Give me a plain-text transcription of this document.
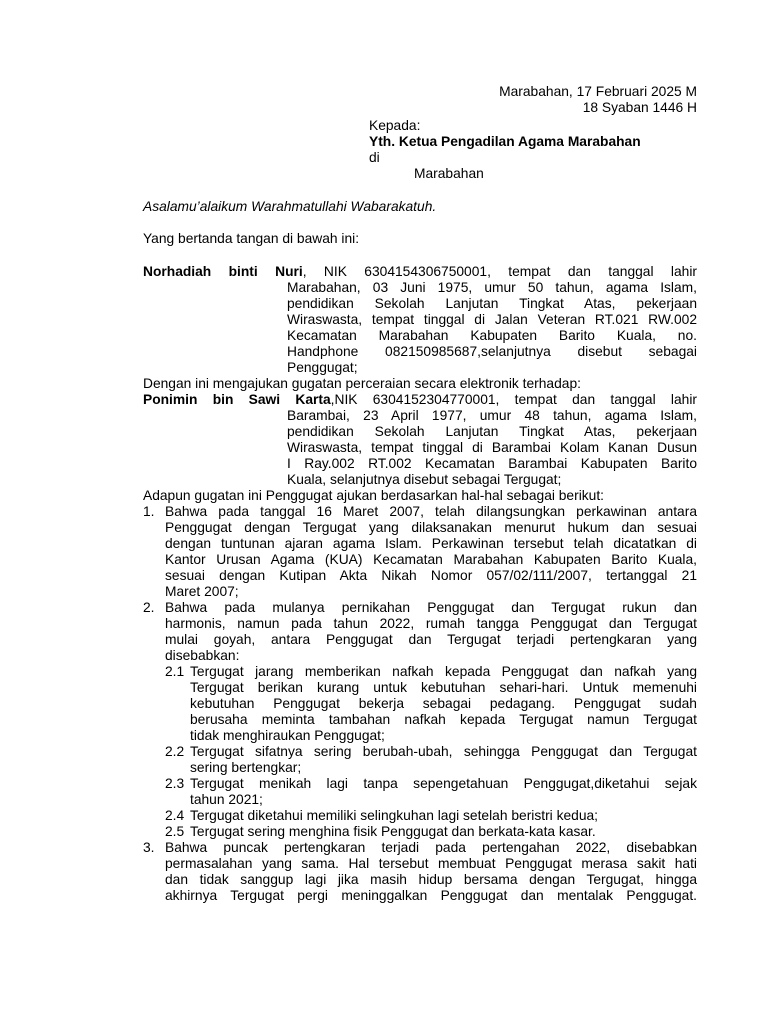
Marabahan, 17 Februari 2025 M
18 Syaban 1446 H
Kepada:
Yth. Ketua Pengadilan Agama Marabahan
di
Marabahan
Asalamu’alaikum Warahmatullahi Wabarakatuh.
Yang bertanda tangan di bawah ini:
Norhadiah binti Nuri, NIK 6304154306750001, tempat dan tanggal lahir
Marabahan, 03 Juni 1975, umur 50 tahun, agama Islam,
pendidikan Sekolah Lanjutan Tingkat Atas, pekerjaan
Wiraswasta, tempat tinggal di Jalan Veteran RT.021 RW.002
Kecamatan Marabahan Kabupaten Barito Kuala, no.
Handphone 082150985687,selanjutnya disebut sebagai
Penggugat;
Dengan ini mengajukan gugatan perceraian secara elektronik terhadap:
Ponimin bin Sawi Karta,NIK 6304152304770001, tempat dan tanggal lahir
Barambai, 23 April 1977, umur 48 tahun, agama Islam,
pendidikan Sekolah Lanjutan Tingkat Atas, pekerjaan
Wiraswasta, tempat tinggal di Barambai Kolam Kanan Dusun
I Ray.002 RT.002 Kecamatan Barambai Kabupaten Barito
Kuala, selanjutnya disebut sebagai Tergugat;
Adapun gugatan ini Penggugat ajukan berdasarkan hal-hal sebagai berikut:
1. Bahwa pada tanggal 16 Maret 2007, telah dilangsungkan perkawinan antara
Penggugat dengan Tergugat yang dilaksanakan menurut hukum dan sesuai
dengan tuntunan ajaran agama Islam. Perkawinan tersebut telah dicatatkan di
Kantor Urusan Agama (KUA) Kecamatan Marabahan Kabupaten Barito Kuala,
sesuai dengan Kutipan Akta Nikah Nomor 057/02/111/2007, tertanggal 21
Maret 2007;
2. Bahwa pada mulanya pernikahan Penggugat dan Tergugat rukun dan
harmonis, namun pada tahun 2022, rumah tangga Penggugat dan Tergugat
mulai goyah, antara Penggugat dan Tergugat terjadi pertengkaran yang
disebabkan:
2.1 Tergugat jarang memberikan nafkah kepada Penggugat dan nafkah yang
Tergugat berikan kurang untuk kebutuhan sehari-hari. Untuk memenuhi
kebutuhan Penggugat bekerja sebagai pedagang. Penggugat sudah
berusaha meminta tambahan nafkah kepada Tergugat namun Tergugat
tidak menghiraukan Penggugat;
2.2 Tergugat sifatnya sering berubah-ubah, sehingga Penggugat dan Tergugat
sering bertengkar;
2.3 Tergugat menikah lagi tanpa sepengetahuan Penggugat,diketahui sejak
tahun 2021;
2.4 Tergugat diketahui memiliki selingkuhan lagi setelah beristri kedua;
2.5 Tergugat sering menghina fisik Penggugat dan berkata-kata kasar.
3. Bahwa puncak pertengkaran terjadi pada pertengahan 2022, disebabkan
permasalahan yang sama. Hal tersebut membuat Penggugat merasa sakit hati
dan tidak sanggup lagi jika masih hidup bersama dengan Tergugat, hingga
akhirnya Tergugat pergi meninggalkan Penggugat dan mentalak Penggugat.
